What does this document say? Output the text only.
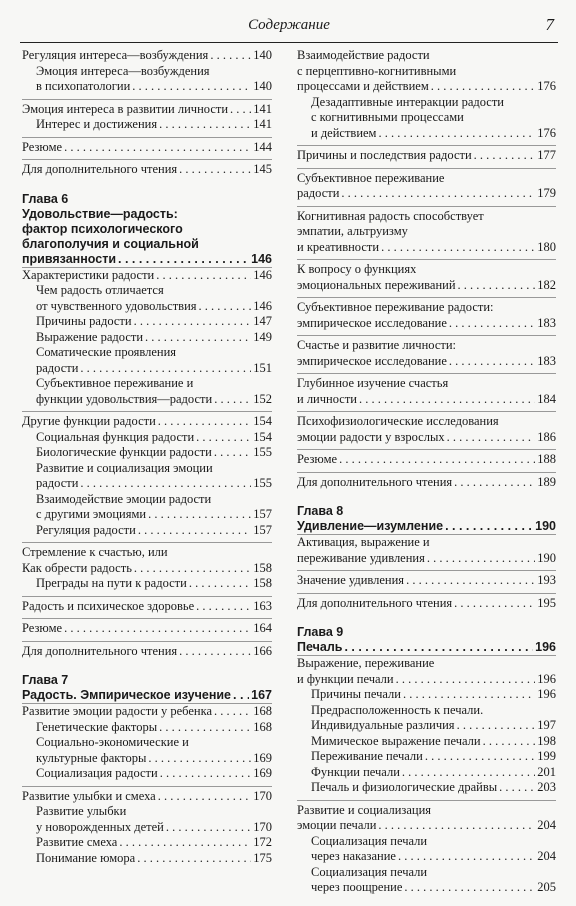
Содержание	7
Регуляция интереса—возбуждения . . .	140
Эмоция интереса—возбуждения
в психопатологии . . .	140
Эмоция интереса в развитии личности . . . 141
Интерес и достижения . . .	141
Резюме . . .	144
Для дополнительного чтения . . .	145
Глава 6
Удовольствие—радость:
фактор психологического
благополучия и социальной
привязанности . . .	146
Характеристики радости . . .	146
Чем радость отличается
от чувственного удовольствия . . .	146
Причины радости . . .	147
Выражение радости . . .	149
Соматические проявления
радости . . .	151
Субъективное переживание и
функции удовольствия—радости . . .	152
Другие функции радости . . .	154
Социальная функция радости . . .	154
Биологические функции радости . . .	155
Развитие и социализация эмоции
радости . . .	155
Взаимодействие эмоции радости
с другими эмоциями . . .	157
Регуляция радости . . .	157
Стремление к счастью, или
Как обрести радость . . .	158
Преграды на пути к радости . . .	158
Радость и психическое здоровье . . .	163
Резюме . . .	164
Для дополнительного чтения . . .	166
Глава 7
Радость. Эмпирическое изучение . . . 167
Развитие эмоции радости у ребенка . . .	168
Генетические факторы . . .	168
Социально-экономические и
культурные факторы . . .	169
Социализация радости . . .	169
Развитие улыбки и смеха . . .	170
Развитие улыбки
у новорожденных детей . . .	170
Развитие смеха . . .	172
Понимание юмора . . .	175
Взаимодействие радости
с перцептивно-когнитивными
процессами и действием . . .	176
Дезадаптивные интеракции радости
с когнитивными процессами
и действием . . .	176
Причины и последствия радости . . .	177
Субъективное переживание
радости . . .	179
Когнитивная радость способствует
эмпатии, альтруизму
и креативности . . .	180
К вопросу о функциях
эмоциональных переживаний . . .	182
Субъективное переживание радости:
эмпирическое исследование . . .	183
Счастье и развитие личности:
эмпирическое исследование . . .	183
Глубинное изучение счастья
и личности . . .	184
Психофизиологические исследования
эмоции радости у взрослых . . .	186
Резюме . . .	188
Для дополнительного чтения . . .	189
Глава 8
Удивление—изумление . . .	190
Активация, выражение и
переживание удивления . . .	190
Значение удивления . . .	193
Для дополнительного чтения . . .	195
Глава 9
Печаль . . .	196
Выражение, переживание
и функции печали . . .	196
Причины печали . . .	196
Предрасположенность к печали.
Индивидуальные различия . . .	197
Мимическое выражение печали . . .	198
Переживание печали . . .	199
Функции печали . . .	201
Печаль и физиологические драйвы . . .	203
Развитие и социализация
эмоции печали . . .	204
Социализация печали
через наказание . . .	204
Социализация печали
через поощрение . . .	205
